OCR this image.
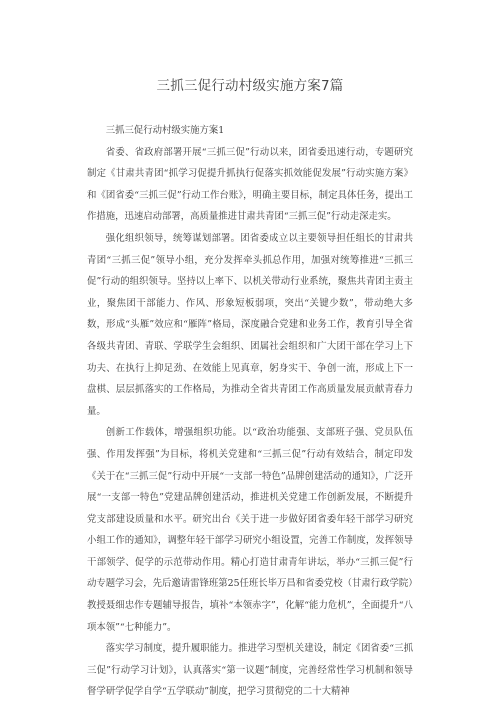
三抓三促行动村级实施方案7篇

三抓三促行动村级实施方案1

省委、省政府部署开展“三抓三促”行动以来，团省委迅速行动，专题研究制定《甘肃共青团“抓学习促提升抓执行促落实抓效能促发展”行动实施方案》和《团省委“三抓三促”行动工作台账》，明确主要目标，制定具体任务，提出工作措施，迅速启动部署，高质量推进甘肃共青团“三抓三促”行动走深走实。

强化组织领导，统筹谋划部署。团省委成立以主要领导担任组长的甘肃共青团“三抓三促”领导小组，充分发挥牵头抓总作用，加强对统筹推进“三抓三促”行动的组织领导。坚持以上率下、以机关带动行业系统，聚焦共青团主责主业，聚焦团干部能力、作风、形象短板弱项，突出“关键少数”，带动绝大多数，形成“头雁”效应和“雁阵”格局，深度融合党建和业务工作，教育引导全省各级共青团、青联、学联学生会组织、团属社会组织和广大团干部在学习上下功夫、在执行上抑足劲、在效能上见真章，躬身实干、争创一流，形成上下一盘棋、层层抓落实的工作格局，为推动全省共青团工作高质量发展贡献青春力量。

创新工作载体，增强组织功能。以“政治功能强、支部班子强、党员队伍强、作用发挥强”为目标，将机关党建和“三抓三促”行动有效结合，制定印发《关于在“三抓三促”行动中开展“一支部一特色”品牌创建活动的通知》，广泛开展“一支部一特色”党建品牌创建活动，推进机关党建工作创新发展，不断提升党支部建设质量和水平。研究出台《关于进一步做好团省委年轻干部学习研究小组工作的通知》，调整年轻干部学习研究小组设置，完善工作制度，发挥领导干部领学、促学的示范带动作用。精心打造甘肃青年讲坛，举办“三抓三促”行动专题学习会，先后邀请雷锋班第25任班长毕万昌和省委党校（甘肃行政学院）教授聂细忠作专题辅导报告，填补“本领赤字”，化解“能力危机”，全面提升“八项本领”“七种能力”。

落实学习制度，提升履职能力。推进学习型机关建设，制定《团省委“三抓三促”行动学习计划》，认真落实“第一议题”制度，完善经常性学习机制和领导督学研学促学自学“五学联动”制度，把学习贯彻党的二十大精神
